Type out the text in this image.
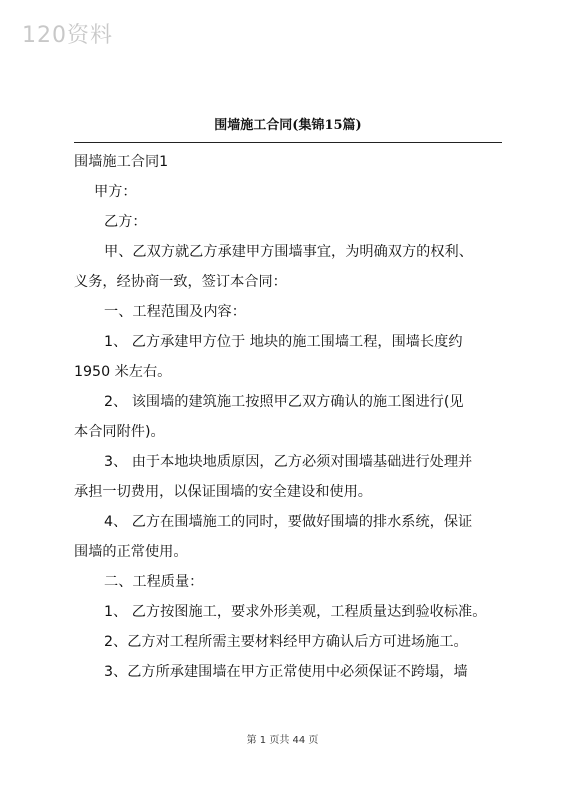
120资料
围墙施工合同(集锦15篇)
围墙施工合同1
甲方：
乙方：
甲、乙双方就乙方承建甲方围墙事宜，为明确双方的权利、
义务，经协商一致，签订本合同：
一、工程范围及内容：
1、 乙方承建甲方位于 地块的施工围墙工程，围墙长度约
1950 米左右。
2、 该围墙的建筑施工按照甲乙双方确认的施工图进行(见
本合同附件)。
3、 由于本地块地质原因，乙方必须对围墙基础进行处理并
承担一切费用，以保证围墙的安全建设和使用。
4、 乙方在围墙施工的同时，要做好围墙的排水系统，保证
围墙的正常使用。
二、工程质量：
1、 乙方按图施工，要求外形美观，工程质量达到验收标准。
2、乙方对工程所需主要材料经甲方确认后方可进场施工。
3、乙方所承建围墙在甲方正常使用中必须保证不跨塌，墙
第 1 页共 44 页
